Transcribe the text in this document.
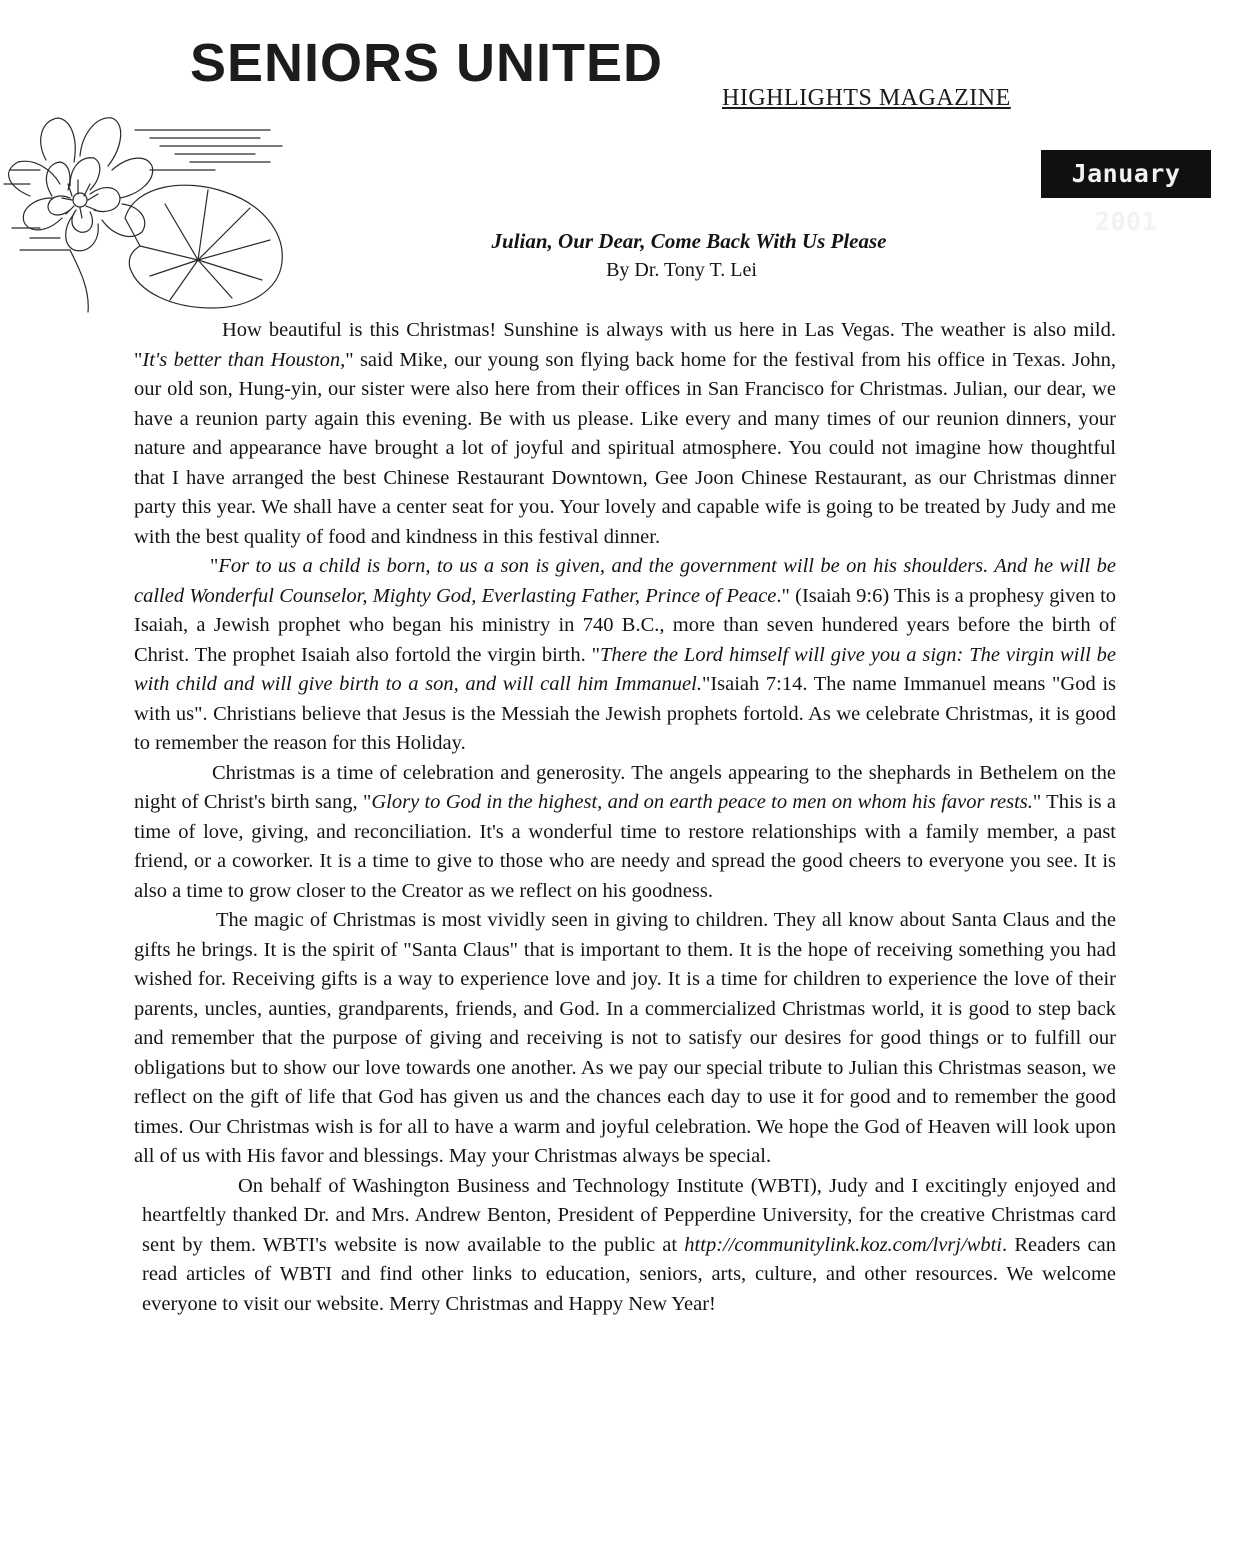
SENIORS UNITED
HIGHLIGHTS MAGAZINE
January 2001
Julian, Our Dear, Come Back With Us Please
By Dr. Tony T. Lei

How beautiful is this Christmas! Sunshine is always with us here in Las Vegas. The weather is also mild. "It's better than Houston," said Mike, our young son flying back home for the festival from his office in Texas. John, our old son, Hung-yin, our sister were also here from their offices in San Francisco for Christmas. Julian, our dear, we have a reunion party again this evening. Be with us please. Like every and many times of our reunion dinners, your nature and appearance have brought a lot of joyful and spiritual atmosphere. You could not imagine how thoughtful that I have arranged the best Chinese Restaurant Downtown, Gee Joon Chinese Restaurant, as our Christmas dinner party this year. We shall have a center seat for you. Your lovely and capable wife is going to be treated by Judy and me with the best quality of food and kindness in this festival dinner.

"For to us a child is born, to us a son is given, and the government will be on his shoulders. And he will be called Wonderful Counselor, Mighty God, Everlasting Father, Prince of Peace." (Isaiah 9:6) This is a prophesy given to Isaiah, a Jewish prophet who began his ministry in 740 B.C., more than seven hundered years before the birth of Christ. The prophet Isaiah also fortold the virgin birth. "There the Lord himself will give you a sign: The virgin will be with child and will give birth to a son, and will call him Immanuel."Isaiah 7:14. The name Immanuel means "God is with us". Christians believe that Jesus is the Messiah the Jewish prophets fortold. As we celebrate Christmas, it is good to remember the reason for this Holiday.

Christmas is a time of celebration and generosity. The angels appearing to the shephards in Bethelem on the night of Christ's birth sang, "Glory to God in the highest, and on earth peace to men on whom his favor rests." This is a time of love, giving, and reconciliation. It's a wonderful time to restore relationships with a family member, a past friend, or a coworker. It is a time to give to those who are needy and spread the good cheers to everyone you see. It is also a time to grow closer to the Creator as we reflect on his goodness.

The magic of Christmas is most vividly seen in giving to children. They all know about Santa Claus and the gifts he brings. It is the spirit of "Santa Claus" that is important to them. It is the hope of receiving something you had wished for. Receiving gifts is a way to experience love and joy. It is a time for children to experience the love of their parents, uncles, aunties, grandparents, friends, and God. In a commercialized Christmas world, it is good to step back and remember that the purpose of giving and receiving is not to satisfy our desires for good things or to fulfill our obligations but to show our love towards one another. As we pay our special tribute to Julian this Christmas season, we reflect on the gift of life that God has given us and the chances each day to use it for good and to remember the good times. Our Christmas wish is for all to have a warm and joyful celebration. We hope the God of Heaven will look upon all of us with His favor and blessings. May your Christmas always be special.

On behalf of Washington Business and Technology Institute (WBTI), Judy and I excitingly enjoyed and heartfeltly thanked Dr. and Mrs. Andrew Benton, President of Pepperdine University, for the creative Christmas card sent by them. WBTI's website is now available to the public at http://communitylink.koz.com/lvrj/wbti. Readers can read articles of WBTI and find other links to education, seniors, arts, culture, and other resources. We welcome everyone to visit our website. Merry Christmas and Happy New Year!
